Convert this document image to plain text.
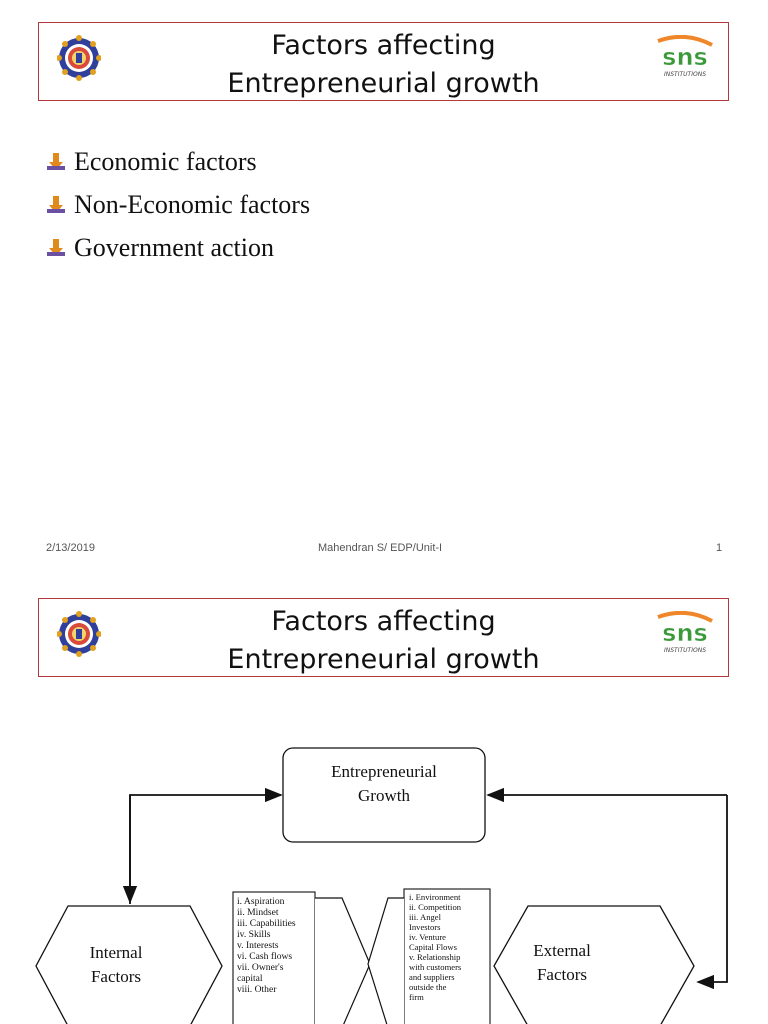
Factors affecting
Entrepreneurial growth
sns
INSTITUTIONS
Economic factors
Non-Economic factors
Government action
2/13/2019	Mahendran S/ EDP/Unit-I	1
Factors affecting
Entrepreneurial growth
sns
INSTITUTIONS
Entrepreneurial
Growth
Internal
Factors
External
Factors
i. Aspiration
ii. Mindset
iii. Capabilities
iv. Skills
v. Interests
vi. Cash flows
vii. Owner's
capital
viii. Other
i. Environment
ii. Competition
iii. Angel
Investors
iv. Venture
Capital Flows
v. Relationship
with customers
and suppliers
outside the
firm
